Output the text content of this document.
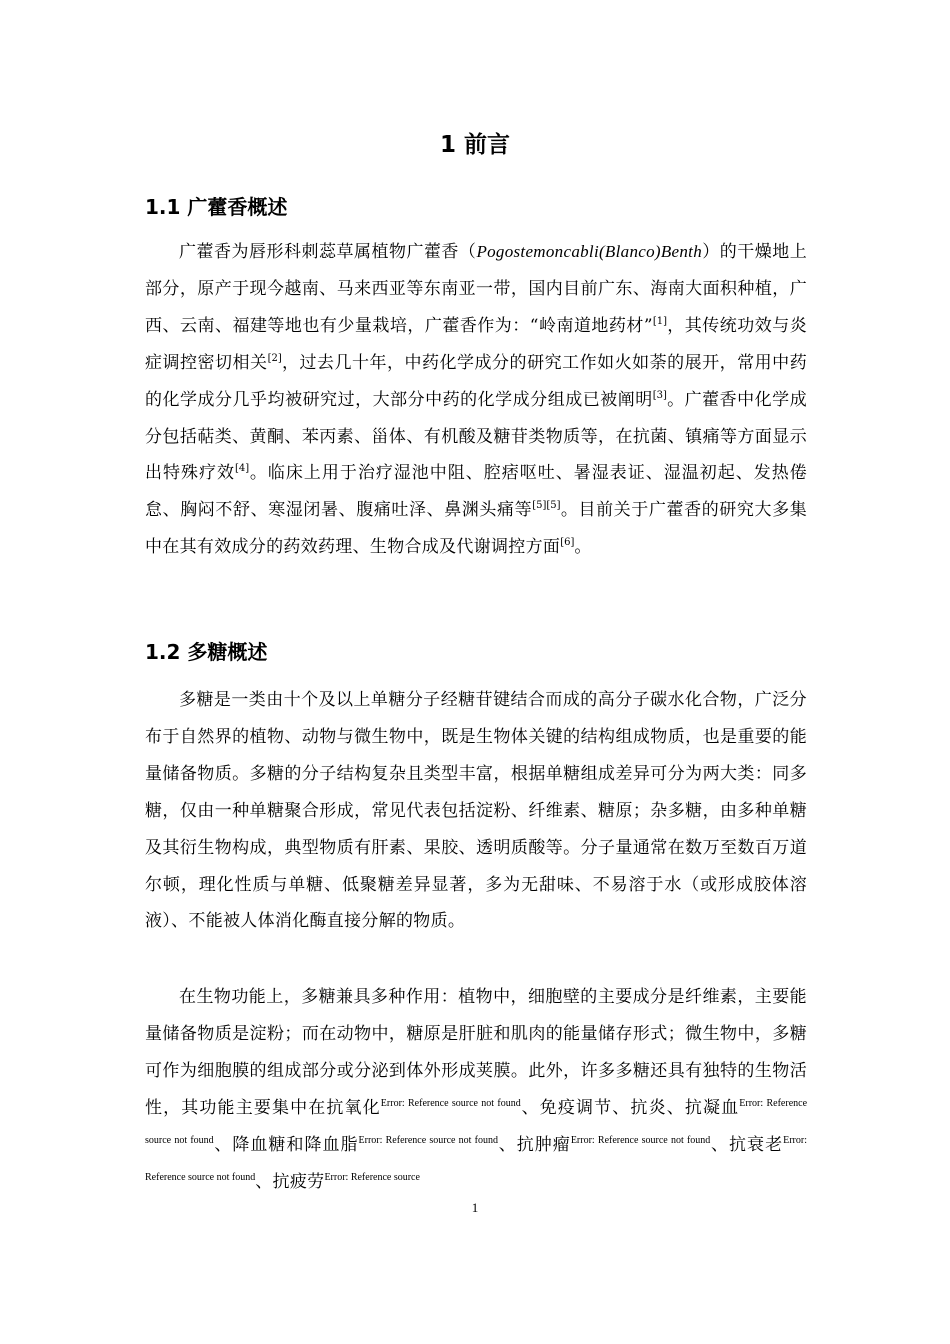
1 前言
1.1 广藿香概述

广藿香为唇形科刺蕊草属植物广藿香（Pogostemoncabli(Blanco)Benth）的干燥地上部分，原产于现今越南、马来西亚等东南亚一带，国内目前广东、海南大面积种植，广西、云南、福建等地也有少量栽培，广藿香作为：“岭南道地药材”[1]，其传统功效与炎症调控密切相关[2]，过去几十年，中药化学成分的研究工作如火如荼的展开，常用中药的化学成分几乎均被研究过，大部分中药的化学成分组成已被阐明[3]。广藿香中化学成分包括萜类、黄酮、苯丙素、甾体、有机酸及糖苷类物质等，在抗菌、镇痛等方面显示出特殊疗效[4]。临床上用于治疗湿池中阻、腔痞呕吐、暑湿表证、湿温初起、发热倦怠、胸闷不舒、寒湿闭暑、腹痛吐泽、鼻渊头痛等[5][5]。目前关于广藿香的研究大多集中在其有效成分的药效药理、生物合成及代谢调控方面[6]。

1.2 多糖概述

多糖是一类由十个及以上单糖分子经糖苷键结合而成的高分子碳水化合物，广泛分布于自然界的植物、动物与微生物中，既是生物体关键的结构组成物质，也是重要的能量储备物质。多糖的分子结构复杂且类型丰富，根据单糖组成差异可分为两大类：同多糖，仅由一种单糖聚合形成，常见代表包括淀粉、纤维素、糖原；杂多糖，由多种单糖及其衍生物构成，典型物质有肝素、果胶、透明质酸等。分子量通常在数万至数百万道尔顿，理化性质与单糖、低聚糖差异显著，多为无甜味、不易溶于水（或形成胶体溶液）、不能被人体消化酶直接分解的物质。

在生物功能上，多糖兼具多种作用：植物中，细胞壁的主要成分是纤维素，主要能量储备物质是淀粉；而在动物中，糖原是肝脏和肌肉的能量储存形式；微生物中，多糖可作为细胞膜的组成部分或分泌到体外形成荚膜。此外，许多多糖还具有独特的生物活性，其功能主要集中在抗氧化$^{Error: Reference source not found}$、免疫调节、抗炎、抗凝血$^{Error: Reference source not found}$、降血糖和降血脂$^{Error: Reference source not found}$、抗肿瘤$^{Error: Reference source not found}$、抗衰老$^{Error: Reference source not found}$、抗疲劳$^{Error: Reference source}$

1
